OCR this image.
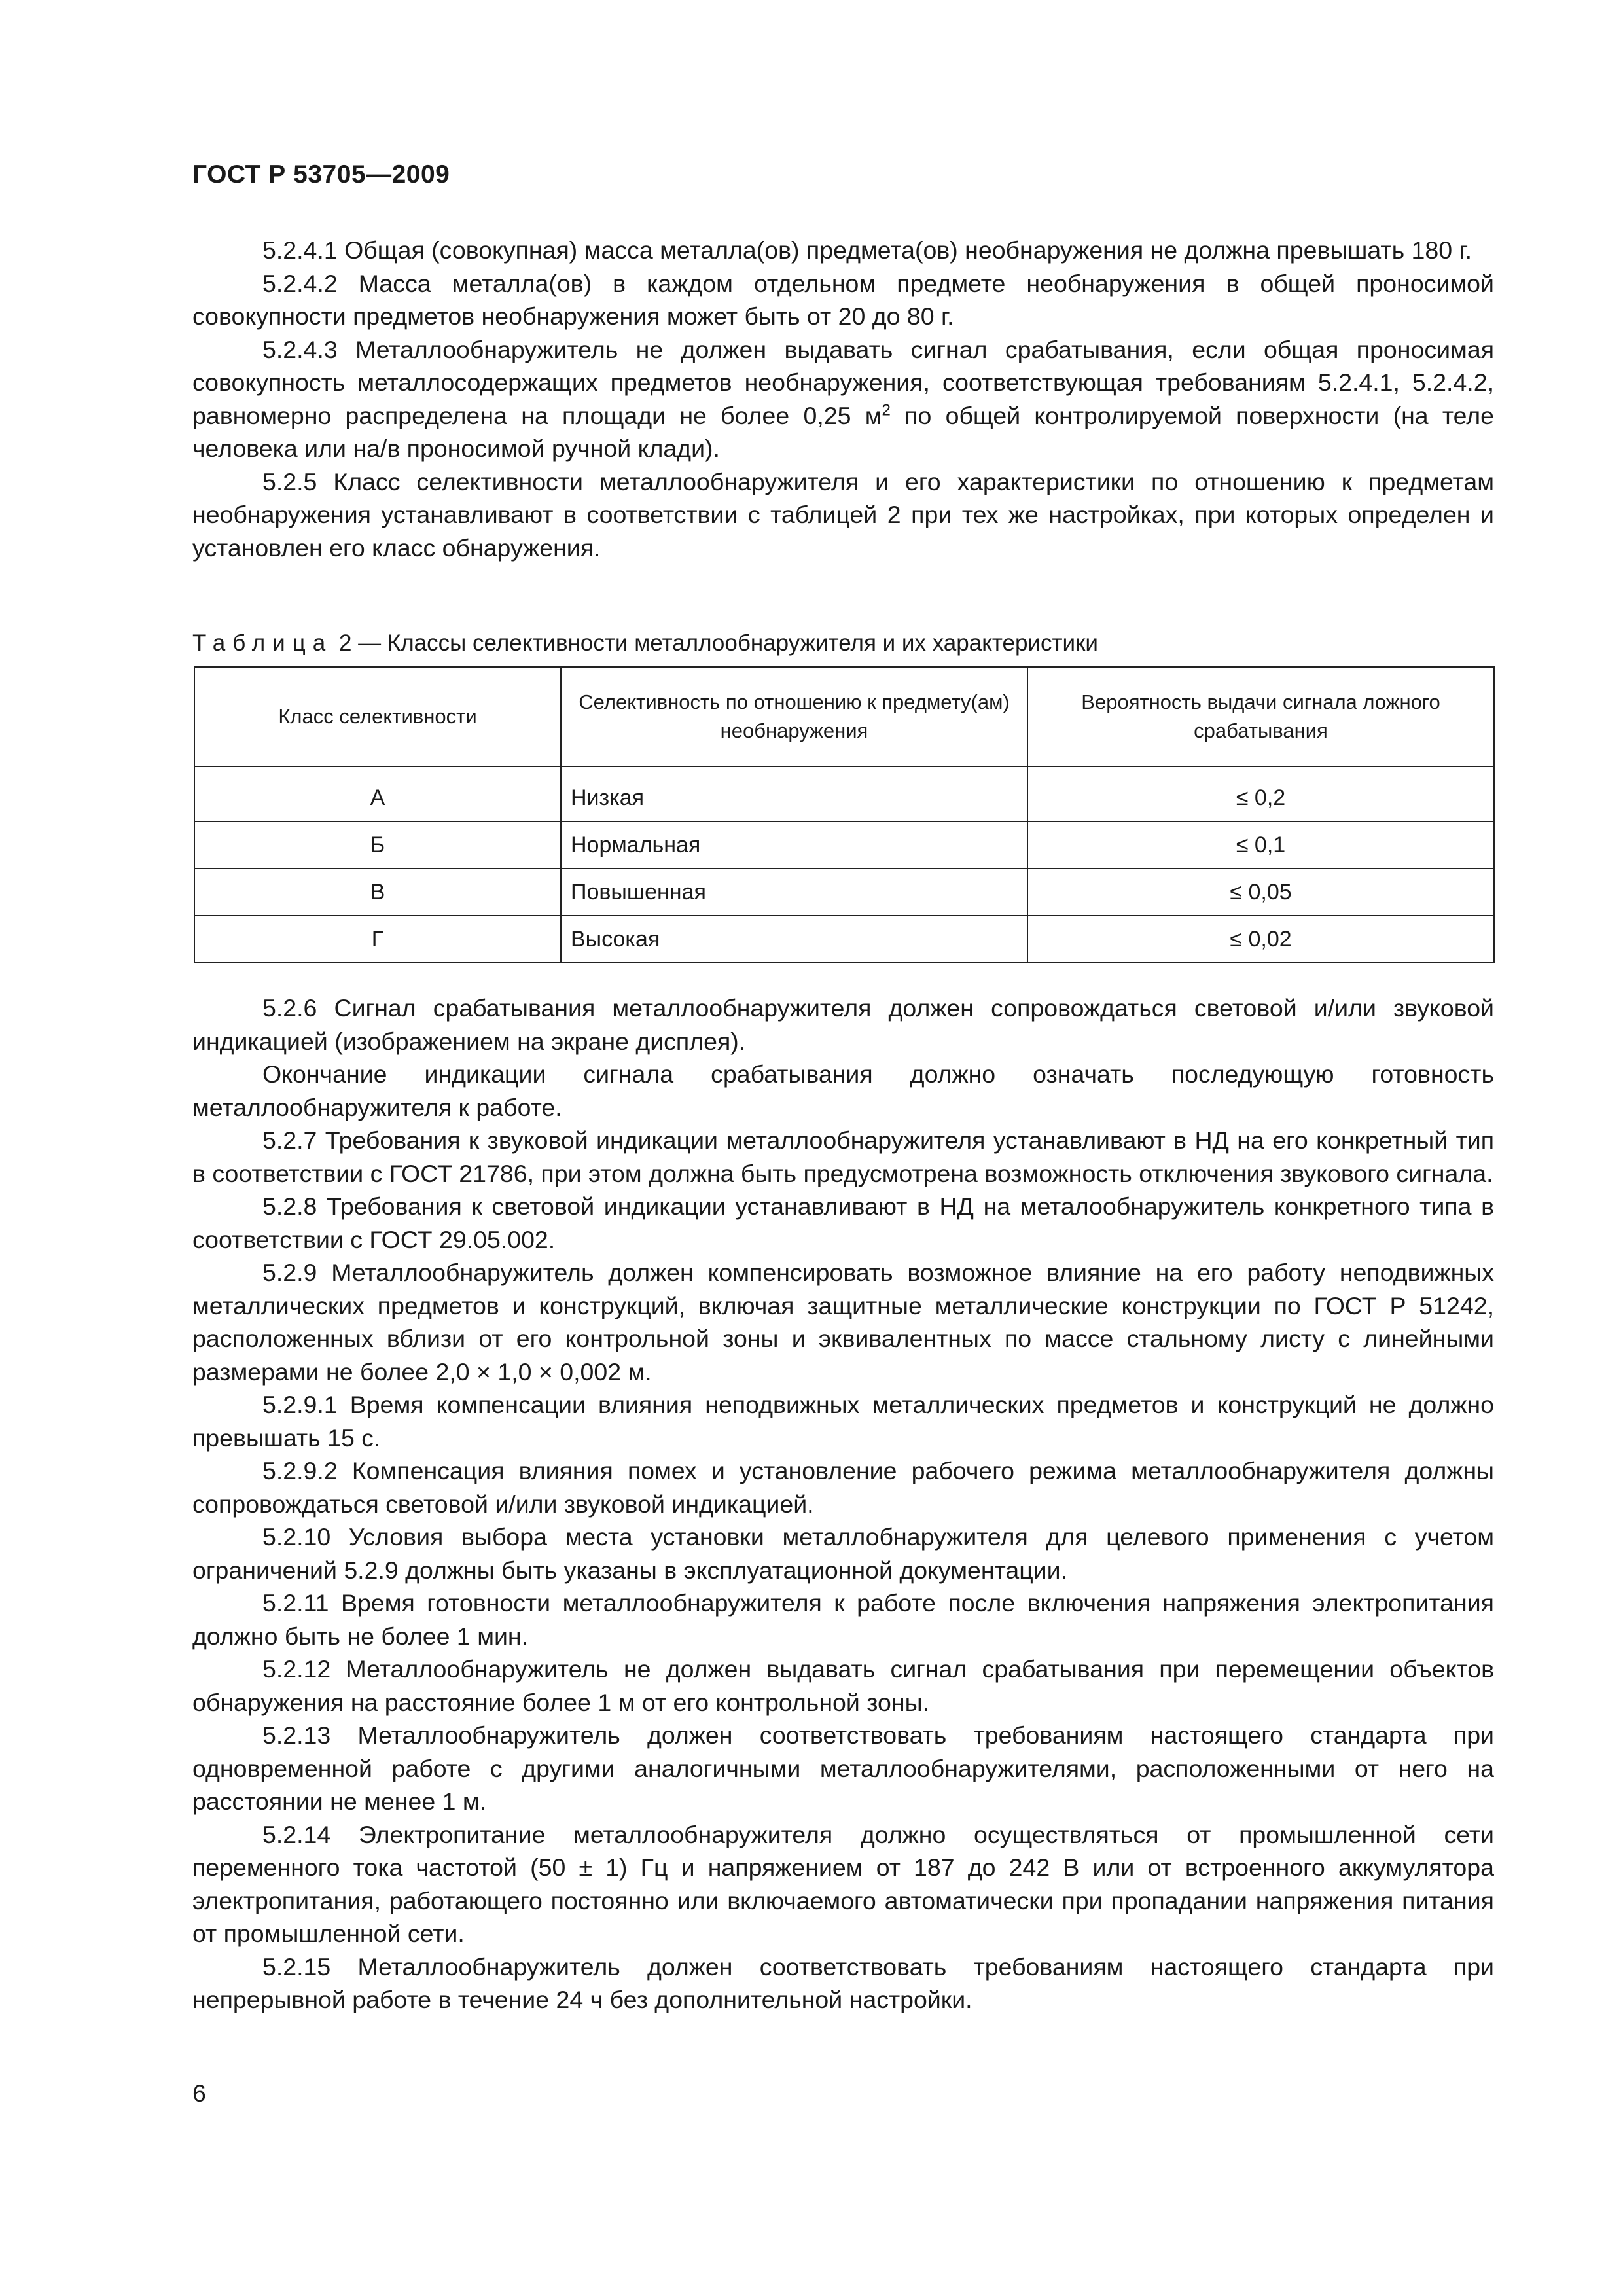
ГОСТ Р 53705—2009

5.2.4.1 Общая (совокупная) масса металла(ов) предмета(ов) необнаружения не должна превышать 180 г.

5.2.4.2 Масса металла(ов) в каждом отдельном предмете необнаружения в общей проносимой совокупности предметов необнаружения может быть от 20 до 80 г.

5.2.4.3 Металлообнаружитель не должен выдавать сигнал срабатывания, если общая проносимая совокупность металлосодержащих предметов необнаружения, соответствующая требованиям 5.2.4.1, 5.2.4.2, равномерно распределена на площади не более 0,25 $м^2$ по общей контролируемой поверхности (на теле человека или на/в проносимой ручной клади).

5.2.5 Класс селективности металлообнаружителя и его характеристики по отношению к предметам необнаружения устанавливают в соответствии с таблицей 2 при тех же настройках, при которых определен и установлен его класс обнаружения.

Таблица 2 — Классы селективности металлообнаружителя и их характеристики
Класс селективности	Селективность по отношению к предмету(ам) необнаружения	Вероятность выдачи сигнала ложного срабатывания
А	Низкая	≤ 0,2
Б	Нормальная	≤ 0,1
В	Повышенная	≤ 0,05
Г	Высокая	≤ 0,02

5.2.6 Сигнал срабатывания металлообнаружителя должен сопровождаться световой и/или звуковой индикацией (изображением на экране дисплея).

Окончание индикации сигнала срабатывания должно означать последующую готовность металлообнаружителя к работе.

5.2.7 Требования к звуковой индикации металлообнаружителя устанавливают в НД на его конкретный тип в соответствии с ГОСТ 21786, при этом должна быть предусмотрена возможность отключения звукового сигнала.

5.2.8 Требования к световой индикации устанавливают в НД на металообнаружитель конкретного типа в соответствии с ГОСТ 29.05.002.

5.2.9 Металлообнаружитель должен компенсировать возможное влияние на его работу неподвижных металлических предметов и конструкций, включая защитные металлические конструкции по ГОСТ Р 51242, расположенных вблизи от его контрольной зоны и эквивалентных по массе стальному листу с линейными размерами не более 2,0 × 1,0 × 0,002 м.

5.2.9.1 Время компенсации влияния неподвижных металлических предметов и конструкций не должно превышать 15 с.

5.2.9.2 Компенсация влияния помех и установление рабочего режима металлообнаружителя должны сопровождаться световой и/или звуковой индикацией.

5.2.10 Условия выбора места установки металлобнаружителя для целевого применения с учетом ограничений 5.2.9 должны быть указаны в эксплуатационной документации.

5.2.11 Время готовности металлообнаружителя к работе после включения напряжения электропитания должно быть не более 1 мин.

5.2.12 Металлообнаружитель не должен выдавать сигнал срабатывания при перемещении объектов обнаружения на расстояние более 1 м от его контрольной зоны.

5.2.13 Металлообнаружитель должен соответствовать требованиям настоящего стандарта при одновременной работе с другими аналогичными металлообнаружителями, расположенными от него на расстоянии не менее 1 м.

5.2.14 Электропитание металлообнаружителя должно осуществляться от промышленной сети переменного тока частотой (50 ± 1) Гц и напряжением от 187 до 242 В или от встроенного аккумулятора электропитания, работающего постоянно или включаемого автоматически при пропадании напряжения питания от промышленной сети.

5.2.15 Металлообнаружитель должен соответствовать требованиям настоящего стандарта при непрерывной работе в течение 24 ч без дополнительной настройки.

6
